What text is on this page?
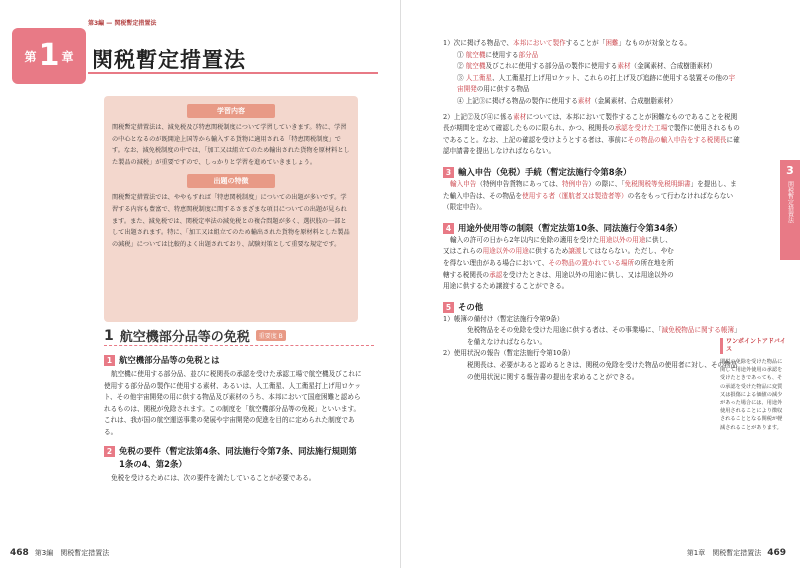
第3編 — 関税暫定措置法
第 1 章 関税暫定措置法
学習内容

関税暫定措置法は、減免税及び特恵関税制度について学習していきます。特に、学習の中心となるのが既開途上国等から輸入する貨物に適用される「特恵関税制度」です。なお、減免税制度の中では、「加工又は組立てのため輸出された貨物を原材料とした製品の減税」が重要ですので、しっかりと学習を進めていきましょう。

出題の特徴

関税暫定措置法では、ややもすれば「特恵関税制度」についての出題が多いです。学習する内容も豊富で、特恵関税制度に関するさまざまな項目についての出題が見られます。また、減免税では、関税定率法の減免税との複合問題が多く、選択肢の一部として出題されます。特に、「加工又は組立てのため輸出された貨物を原材料とした製品の減税」については比較的よく出題されており、試験対策として重要な規定です。

1 航空機部分品等の免税	重要度 B
1 航空機部分品等の免税とは

航空機に使用する部分品、並びに税関長の承認を受けた承認工場で航空機及びこれに使用する部分品の製作に使用する素材、あるいは、人工衛星、人工衛星打上げ用ロケット、その他宇宙開発の用に供する物品及び素材のうち、本邦において国産困難と認められるものは、関税が免除されます。この制度を「航空機部分品等の免税」といいます。これは、我が国の航空運送事業の発展や宇宙開発の促進を目的に定められた制度である。

2 免税の要件（暫定法第4条、同法施行令第7条、同法施行規則第1条の4、第2条）

免税を受けるためには、次の要件を満たしていることが必要である。

468 第3編　関税暫定措置法

1）次に掲げる物品で、本邦において製作することが「困難」なものが対象となる。

① 航空機に使用する部分品

② 航空機及びこれに使用する部分品の製作に使用する素材（金属素材、合成樹脂素材）

③ 人工衛星、人工衛星打上げ用ロケット、これらの打上げ及び追跡に使用する装置その他の宇宙開発の用に供する物品

④ 上記③に掲げる物品の製作に使用する素材（金属素材、合成樹脂素材）

2）上記②及び④に係る素材については、本邦において製作することが困難なものであることを税関長が期間を定めて確認したものに限られ、かつ、税関長の承認を受けた工場で製作に使用されるものであること。なお、上記の確認を受けようとする者は、事前にその物品の輸入申告をする税関長に確認申請書を提出しなければならない。

3 輸入申告（免税）手続（暫定法施行令第8条）

輸入申告（特例申告貨物にあっては、特例申告）の際に、「免税関税等免税明細書」を提出し、また輸入申告は、その物品を使用する者（運航者又は製造者等）の名をもって行わなければならない（限定申告）。

4 用途外使用等の制限（暫定法第10条、同法施行令第34条）

輸入の許可の日から2年以内に免除の適用を受けた用途以外の用途に供し、又はこれらの用途以外の用途に供するため譲渡してはならない。ただし、やむを得ない理由がある場合において、その物品の置かれている場所の所在地を所轄する税関長の承認を受けたときは、用途以外の用途に供し、又は用途以外の用途に供するため譲渡することができる。

5 その他

1）帳簿の備付け（暫定法施行令第9条）

免税物品をその免除を受けた用途に供する者は、その事業場に、「減免税物品に関する帳簿」を備えなければならない。

2）使用状況の報告（暫定法施行令第10条）

税関長は、必要があると認めるときは、関税の免除を受けた物品の使用者に対し、その物品の使用状況に関する報告書の提出を求めることができる。

3
関税暫定措置法
ワンポイントアドバイス

関税の免除を受けた物品に関して用途外使用の承認を受けたときであっても、その承認を受けた物品に変質又は損傷による価値の減少があった場合には、用途外使用されることにより徴収されることとなる関税が軽減されることがあります。

第1章　関税暫定措置法 469
